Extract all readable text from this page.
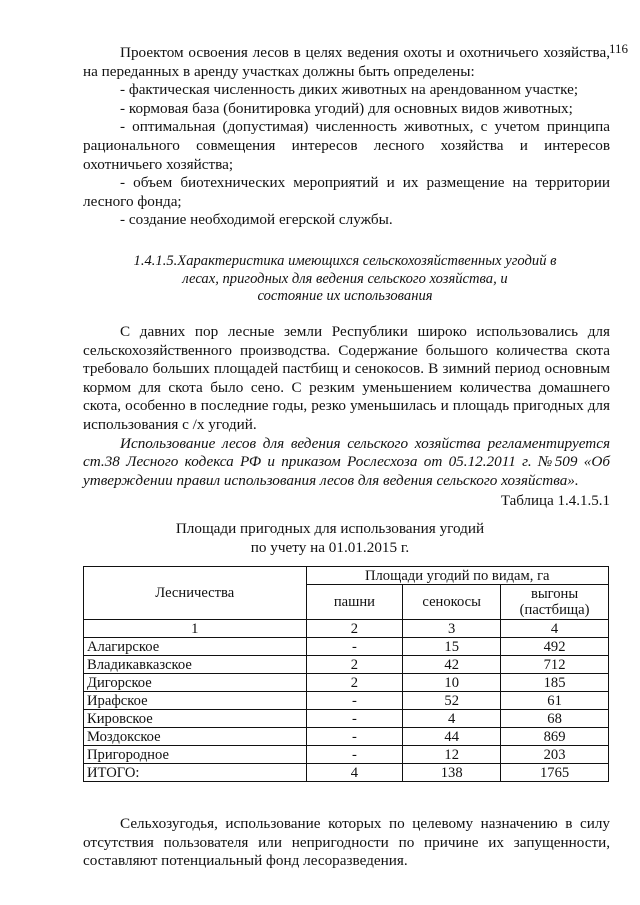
116

Проектом освоения лесов в целях ведения охоты и охотничьего хозяйства, на переданных в аренду участках должны быть определены:

- фактическая численность диких животных на арендованном участке;

- кормовая база (бонитировка угодий) для основных видов животных;

- оптимальная (допустимая) численность животных, с учетом принципа рационального совмещения интересов лесного хозяйства и интересов охотничьего хозяйства;

- объем биотехнических мероприятий и их размещение на территории лесного фонда;

- создание необходимой егерской службы.

1.4.1.5.Характеристика имеющихся сельскохозяйственных угодий в
лесах, пригодных для ведения сельского хозяйства, и
состояние их использования

С давних пор лесные земли Республики широко использовались для сельскохозяйственного производства. Содержание большого количества скота требовало больших площадей пастбищ и сенокосов. В зимний период основным кормом для скота было сено. С резким уменьшением количества домашнего скота, особенно в последние годы, резко уменьшилась и площадь пригодных для использования с /х угодий.

Использование лесов для ведения сельского хозяйства регламентируется ст.38 Лесного кодекса РФ и приказом Рослесхоза от 05.12.2011 г. №509 «Об утверждении правил использования лесов для ведения сельского хозяйства».

Таблица 1.4.1.5.1
Площади пригодных для использования угодий
по учету на 01.01.2015 г.
Лесничества	Площади угодий по видам, га		
	пашни	сенокосы	выгоны (пастбища)
1	2	3	4
Алагирское	-	15	492
Владикавказское	2	42	712
Дигорское	2	10	185
Ирафское	-	52	61
Кировское	-	4	68
Моздокское	-	44	869
Пригородное	-	12	203
ИТОГО:	4	138	1765

Сельхозугодья, использование которых по целевому назначению в силу отсутствия пользователя или непригодности по причине их запущенности, составляют потенциальный фонд лесоразведения.
